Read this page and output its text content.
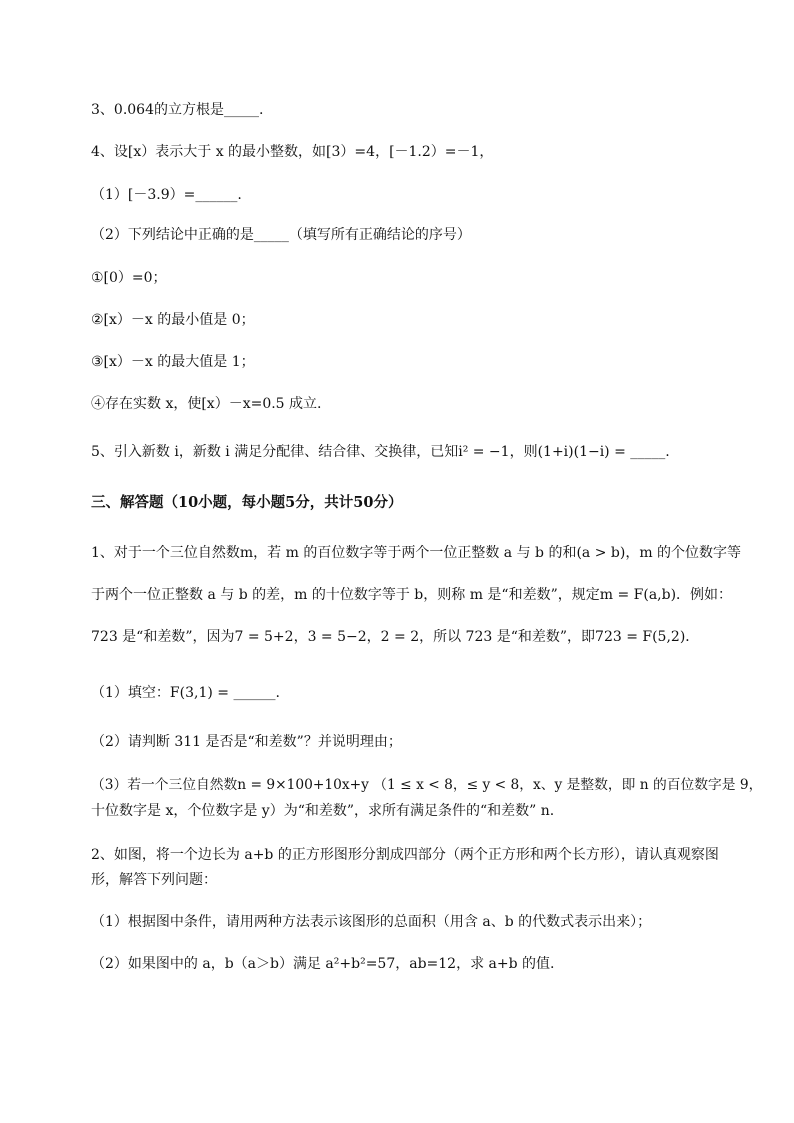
3、0.064的立方根是_____.
4、设[x）表示大于 x 的最小整数，如[3）=4，[－1.2）=－1，
（1）[－3.9）=______.
（2）下列结论中正确的是_____（填写所有正确结论的序号）
①[0）=0；
②[x）－x 的最小值是 0；
③[x）－x 的最大值是 1；
④存在实数 x，使[x）－x=0.5 成立.
5、引入新数 i，新数 i 满足分配律、结合律、交换律，已知i² = −1，则(1+i)(1−i) = _____.
三、解答题（10小题，每小题5分，共计50分）
1、对于一个三位自然数m，若 m 的百位数字等于两个一位正整数 a 与 b 的和(a > b)，m 的个位数字等
于两个一位正整数 a 与 b 的差，m 的十位数字等于 b，则称 m 是“和差数”，规定m = F(a,b)．例如：
723 是“和差数”，因为7 = 5+2，3 = 5−2，2 = 2，所以 723 是“和差数”，即723 = F(5,2)．
（1）填空：F(3,1) = ______.
（2）请判断 311 是否是“和差数”？并说明理由；
（3）若一个三位自然数n = 9×100+10x+y （1 ≤ x < 8，≤ y < 8，x、y 是整数，即 n 的百位数字是 9，
十位数字是 x，个位数字是 y）为“和差数”，求所有满足条件的“和差数” n.
2、如图，将一个边长为 a+b 的正方形图形分割成四部分（两个正方形和两个长方形），请认真观察图
形，解答下列问题：
（1）根据图中条件，请用两种方法表示该图形的总面积（用含 a、b 的代数式表示出来）；
（2）如果图中的 a，b（a＞b）满足 a²+b²=57，ab=12，求 a+b 的值.
